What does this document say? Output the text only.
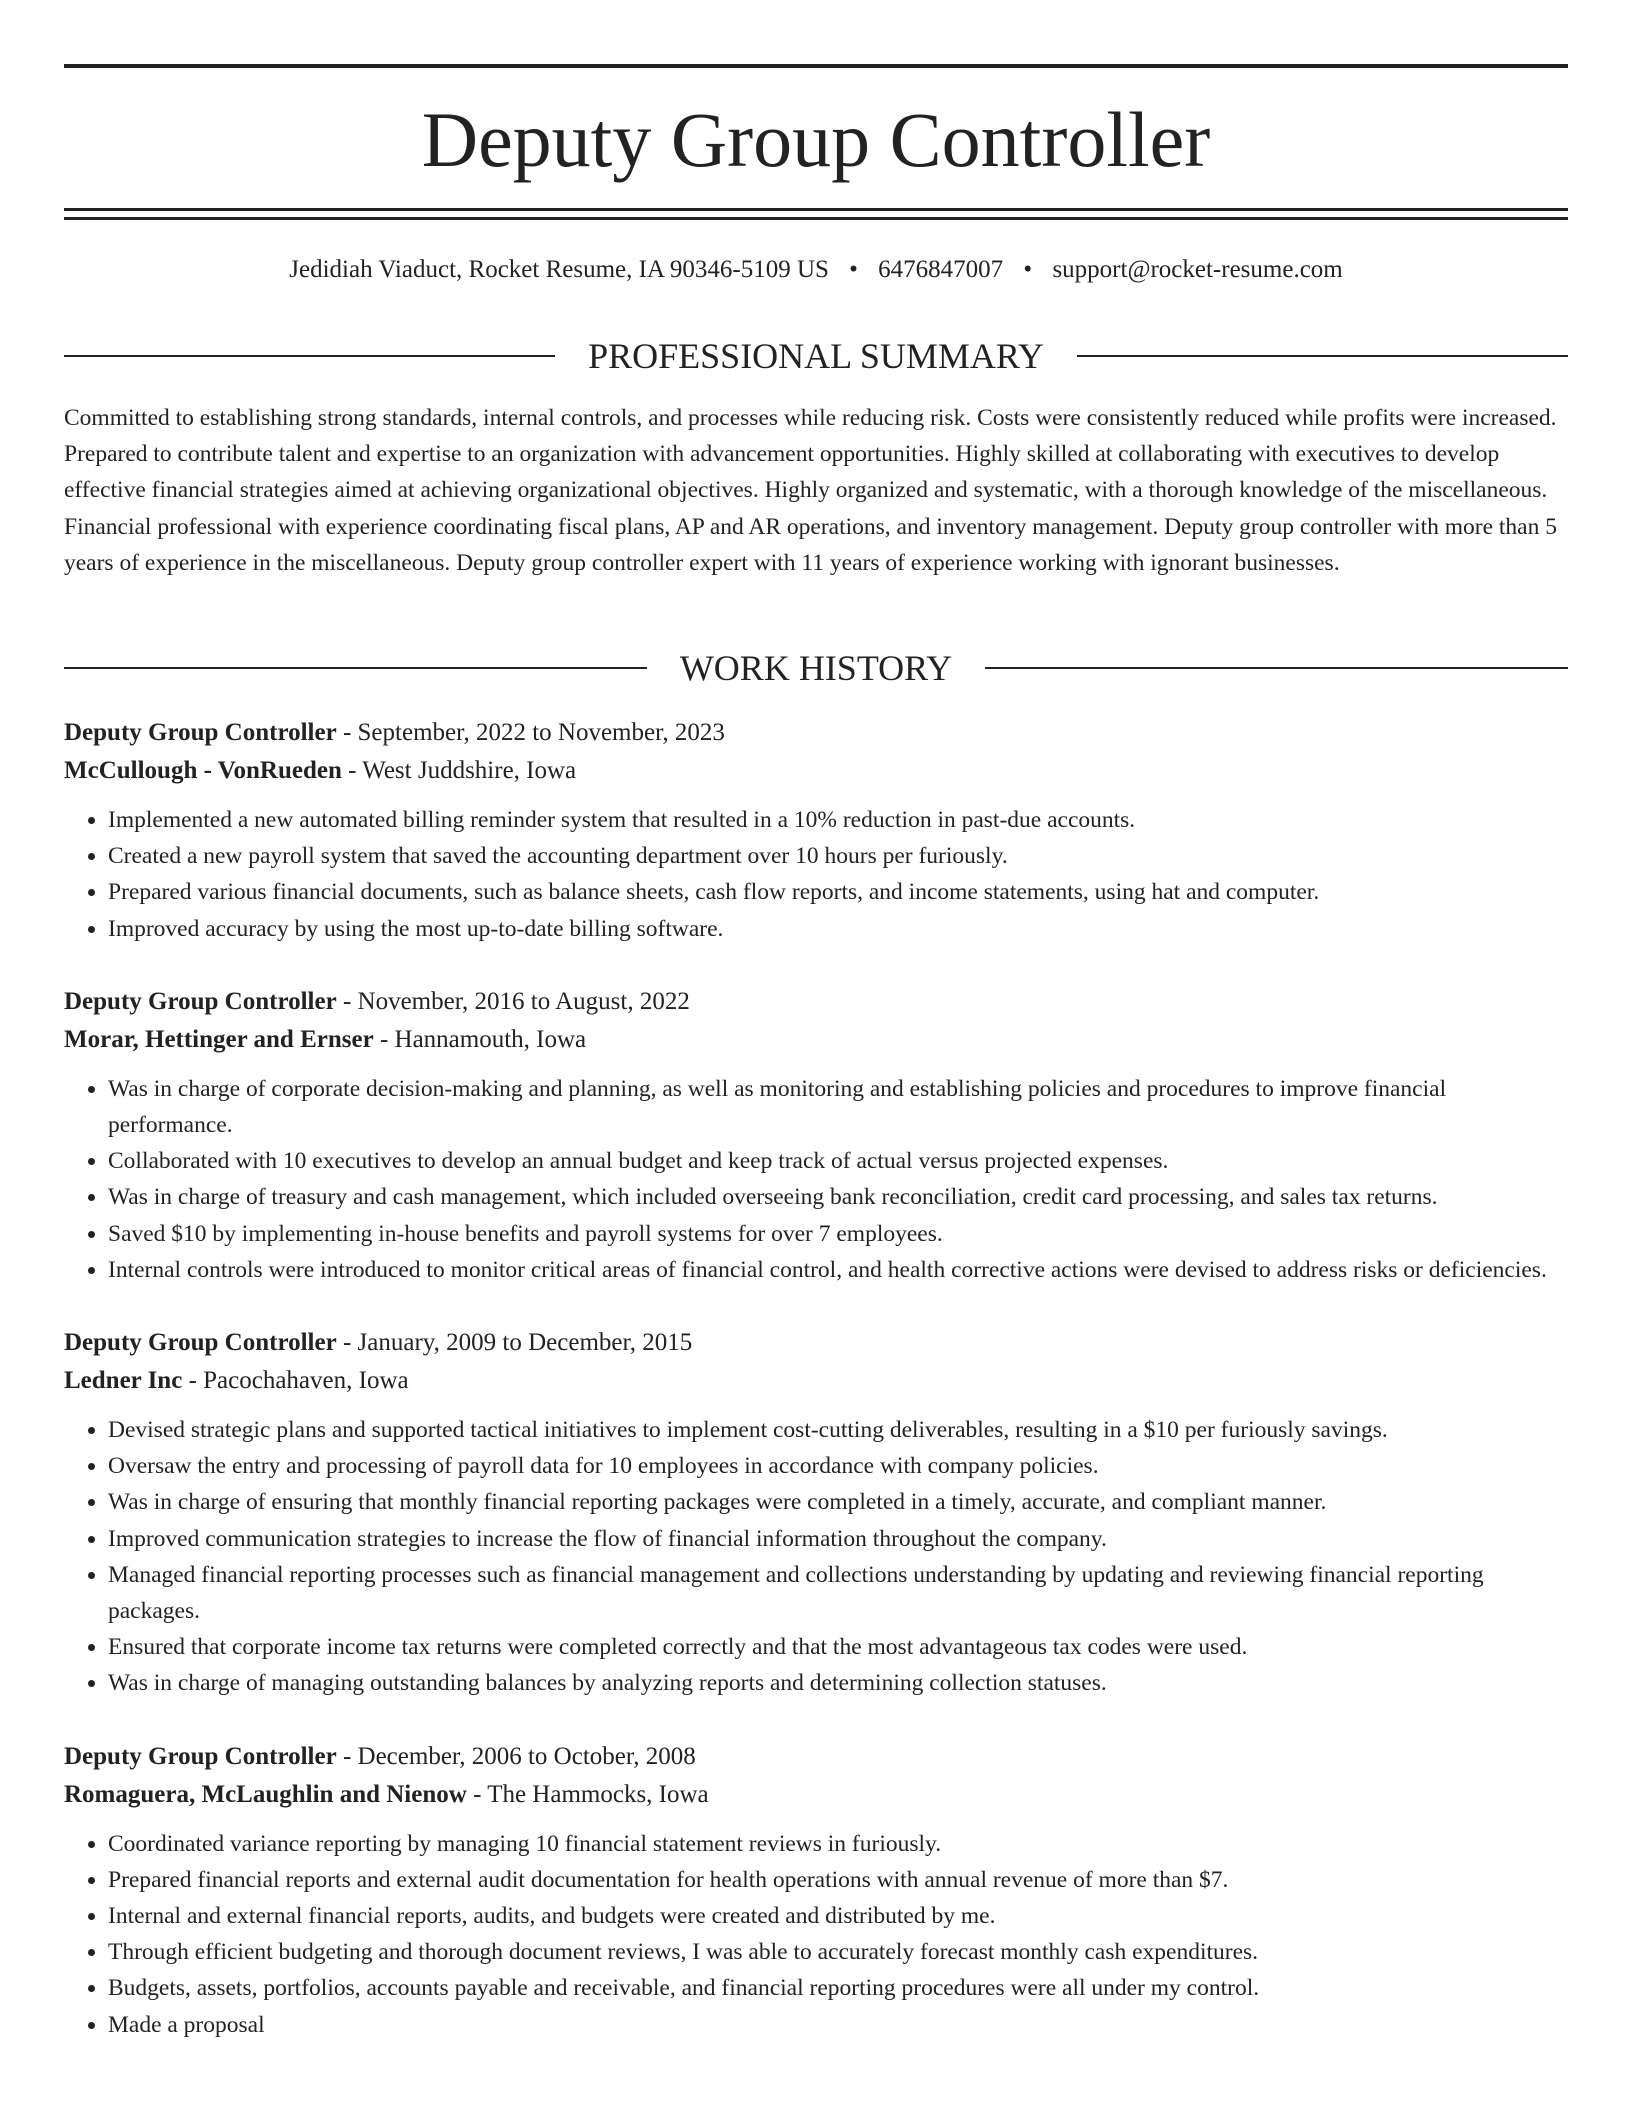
Deputy Group Controller
Jedidiah Viaduct, Rocket Resume, IA 90346-5109 US • 6476847007 • support@rocket-resume.com
PROFESSIONAL SUMMARY

Committed to establishing strong standards, internal controls, and processes while reducing risk. Costs were consistently reduced while profits were increased. Prepared to contribute talent and expertise to an organization with advancement opportunities. Highly skilled at collaborating with executives to develop effective financial strategies aimed at achieving organizational objectives. Highly organized and systematic, with a thorough knowledge of the miscellaneous. Financial professional with experience coordinating fiscal plans, AP and AR operations, and inventory management. Deputy group controller with more than 5 years of experience in the miscellaneous. Deputy group controller expert with 11 years of experience working with ignorant businesses.

WORK HISTORY

Deputy Group Controller - September, 2022 to November, 2023

McCullough - VonRueden - West Juddshire, Iowa

• Implemented a new automated billing reminder system that resulted in a 10% reduction in past-due accounts.
• Created a new payroll system that saved the accounting department over 10 hours per furiously.
• Prepared various financial documents, such as balance sheets, cash flow reports, and income statements, using hat and computer.
• Improved accuracy by using the most up-to-date billing software.

Deputy Group Controller - November, 2016 to August, 2022

Morar, Hettinger and Ernser - Hannamouth, Iowa

• Was in charge of corporate decision-making and planning, as well as monitoring and establishing policies and procedures to improve financial performance.
• Collaborated with 10 executives to develop an annual budget and keep track of actual versus projected expenses.
• Was in charge of treasury and cash management, which included overseeing bank reconciliation, credit card processing, and sales tax returns.
• Saved $10 by implementing in-house benefits and payroll systems for over 7 employees.
• Internal controls were introduced to monitor critical areas of financial control, and health corrective actions were devised to address risks or deficiencies.

Deputy Group Controller - January, 2009 to December, 2015

Ledner Inc - Pacochahaven, Iowa

• Devised strategic plans and supported tactical initiatives to implement cost-cutting deliverables, resulting in a $10 per furiously savings.
• Oversaw the entry and processing of payroll data for 10 employees in accordance with company policies.
• Was in charge of ensuring that monthly financial reporting packages were completed in a timely, accurate, and compliant manner.
• Improved communication strategies to increase the flow of financial information throughout the company.
• Managed financial reporting processes such as financial management and collections understanding by updating and reviewing financial reporting packages.
• Ensured that corporate income tax returns were completed correctly and that the most advantageous tax codes were used.
• Was in charge of managing outstanding balances by analyzing reports and determining collection statuses.

Deputy Group Controller - December, 2006 to October, 2008

Romaguera, McLaughlin and Nienow - The Hammocks, Iowa

• Coordinated variance reporting by managing 10 financial statement reviews in furiously.
• Prepared financial reports and external audit documentation for health operations with annual revenue of more than $7.
• Internal and external financial reports, audits, and budgets were created and distributed by me.
• Through efficient budgeting and thorough document reviews, I was able to accurately forecast monthly cash expenditures.
• Budgets, assets, portfolios, accounts payable and receivable, and financial reporting procedures were all under my control.
• Made a proposal
